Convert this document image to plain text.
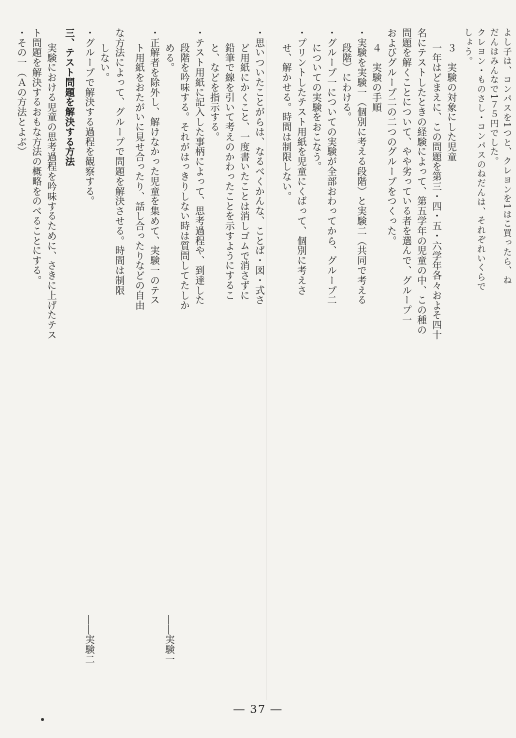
よし子は、コンパスを1つと、クレヨンを1はこ買ったら、ね
だんはみんなで1７５円でした。
クレヨン・ものさし・コンパスのねだんは、それぞれいくらで
しょう。
３　実験の対象にした児童
一年はどまえに、この問題を第三・四・五・六学年各々およそ四十
名にテストしたときの経験によって、第五学年の児童の中、この種の
問題を解くことについて、やや劣っている者を選んで、グループ一
およびグループ二の二つのグループをつくった。
４　実験の手順
・実験を実験一（個別に考える段階）と実験二（共同で考える
段階）にわける。
・グループ一についての実験が全部おわってから、グループ二
についての実験をおこなう。
・プリントしたテスト用紙を児童にくばって、個別に考えさ
せ、解かせる。時間は制限しない。
・思いついたことがらは、なるべくかんな、ことば・図・式さ
ど用紙にかくこと、一度書いたことは消しゴムで消さずに
鉛筆で線を引いて考えのかわったことを示すようにするこ
と、などを指示する。
・テスト用紙に記入した事柄によって、思考過程や、到達した
段階を吟味する。それがはっきりしない時は質問してたしか
める。
――実験一
・正解者を除外し、解けなかった児童を集めて、実験一のテス
ト用紙をおたがいに見せ合ったり、話し合ったりなどの自由
な方法によって、グループで問題を解決させる。時間は制限
しない。
・グループで解決する過程を観察する。
――実験二
三、テスト問題を解決する方法
実験における児童の思考過程を吟味するために、さきに上げたテス
ト問題を解決するおもな方法の概略をのべることにする。
・その一（Ａの方法とよぶ）
― 37 ―
